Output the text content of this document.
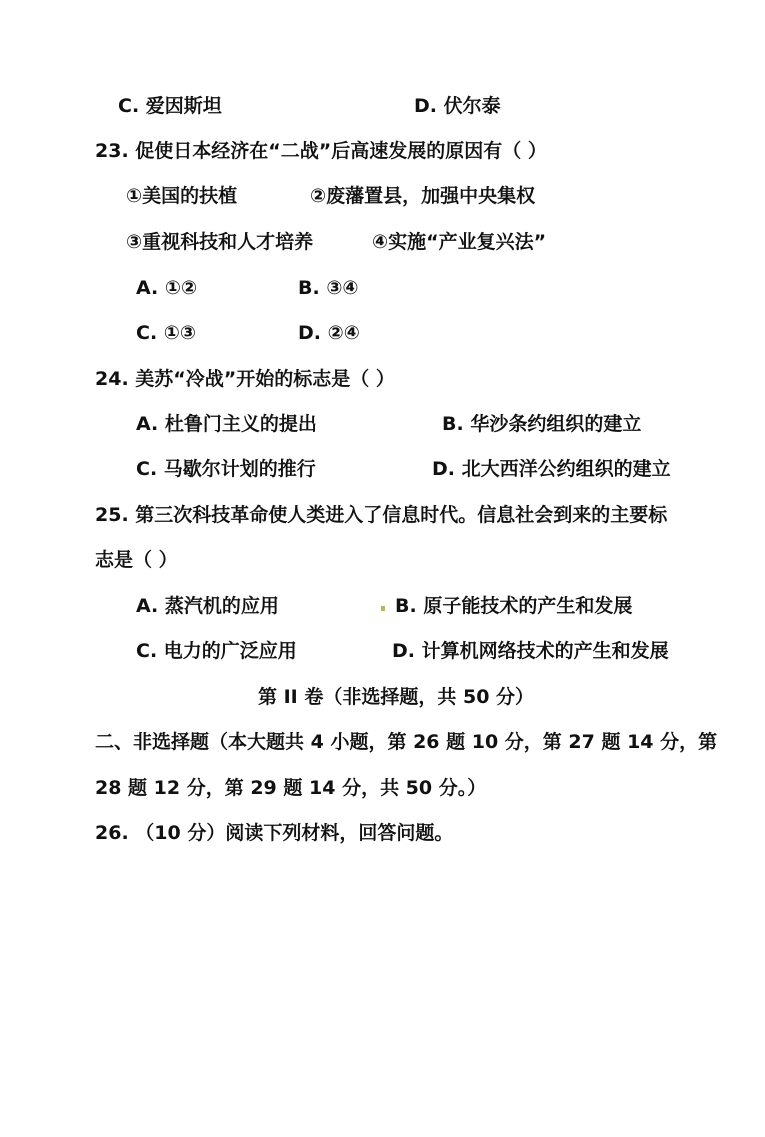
C. 爱因斯坦	D. 伏尔泰
23. 促使日本经济在“二战”后高速发展的原因有（ ）
①美国的扶植	②废藩置县，加强中央集权
③重视科技和人才培养	④实施“产业复兴法”
A. ①②	B. ③④
C. ①③	D. ②④
24. 美苏“冷战”开始的标志是（ ）
A. 杜鲁门主义的提出	B. 华沙条约组织的建立
C. 马歇尔计划的推行	D. 北大西洋公约组织的建立
25. 第三次科技革命使人类进入了信息时代。信息社会到来的主要标
志是（ ）
A. 蒸汽机的应用	B. 原子能技术的产生和发展
C. 电力的广泛应用	D. 计算机网络技术的产生和发展
第 II 卷（非选择题，共 50 分）
二、非选择题（本大题共 4 小题，第 26 题 10 分，第 27 题 14 分，第
28 题 12 分，第 29 题 14 分，共 50 分。）
26. （10 分）阅读下列材料，回答问题。
